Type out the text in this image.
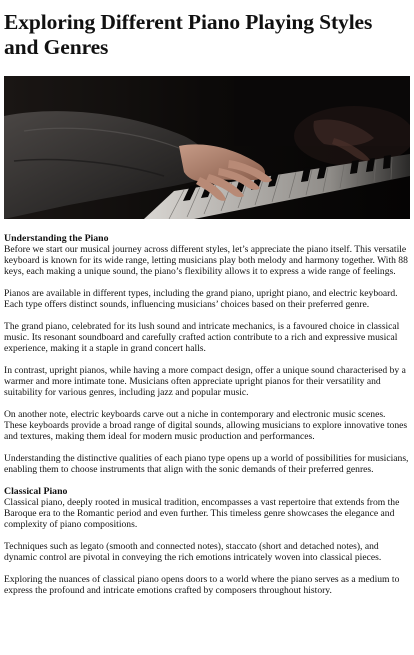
Exploring Different Piano Playing Styles and Genres
Understanding the Piano

Before we start our musical journey across different styles, let’s appreciate the piano itself. This versatile keyboard is known for its wide range, letting musicians play both melody and harmony together. With 88 keys, each making a unique sound, the piano’s flexibility allows it to express a wide range of feelings.

Pianos are available in different types, including the grand piano, upright piano, and electric keyboard. Each type offers distinct sounds, influencing musicians’ choices based on their preferred genre.

The grand piano, celebrated for its lush sound and intricate mechanics, is a favoured choice in classical music. Its resonant soundboard and carefully crafted action contribute to a rich and expressive musical experience, making it a staple in grand concert halls.

In contrast, upright pianos, while having a more compact design, offer a unique sound characterised by a warmer and more intimate tone. Musicians often appreciate upright pianos for their versatility and suitability for various genres, including jazz and popular music.

On another note, electric keyboards carve out a niche in contemporary and electronic music scenes. These keyboards provide a broad range of digital sounds, allowing musicians to explore innovative tones and textures, making them ideal for modern music production and performances.

Understanding the distinctive qualities of each piano type opens up a world of possibilities for musicians, enabling them to choose instruments that align with the sonic demands of their preferred genres.

Classical Piano

Classical piano, deeply rooted in musical tradition, encompasses a vast repertoire that extends from the Baroque era to the Romantic period and even further. This timeless genre showcases the elegance and complexity of piano compositions.

Techniques such as legato (smooth and connected notes), staccato (short and detached notes), and dynamic control are pivotal in conveying the rich emotions intricately woven into classical pieces.

Exploring the nuances of classical piano opens doors to a world where the piano serves as a medium to express the profound and intricate emotions crafted by composers throughout history.
